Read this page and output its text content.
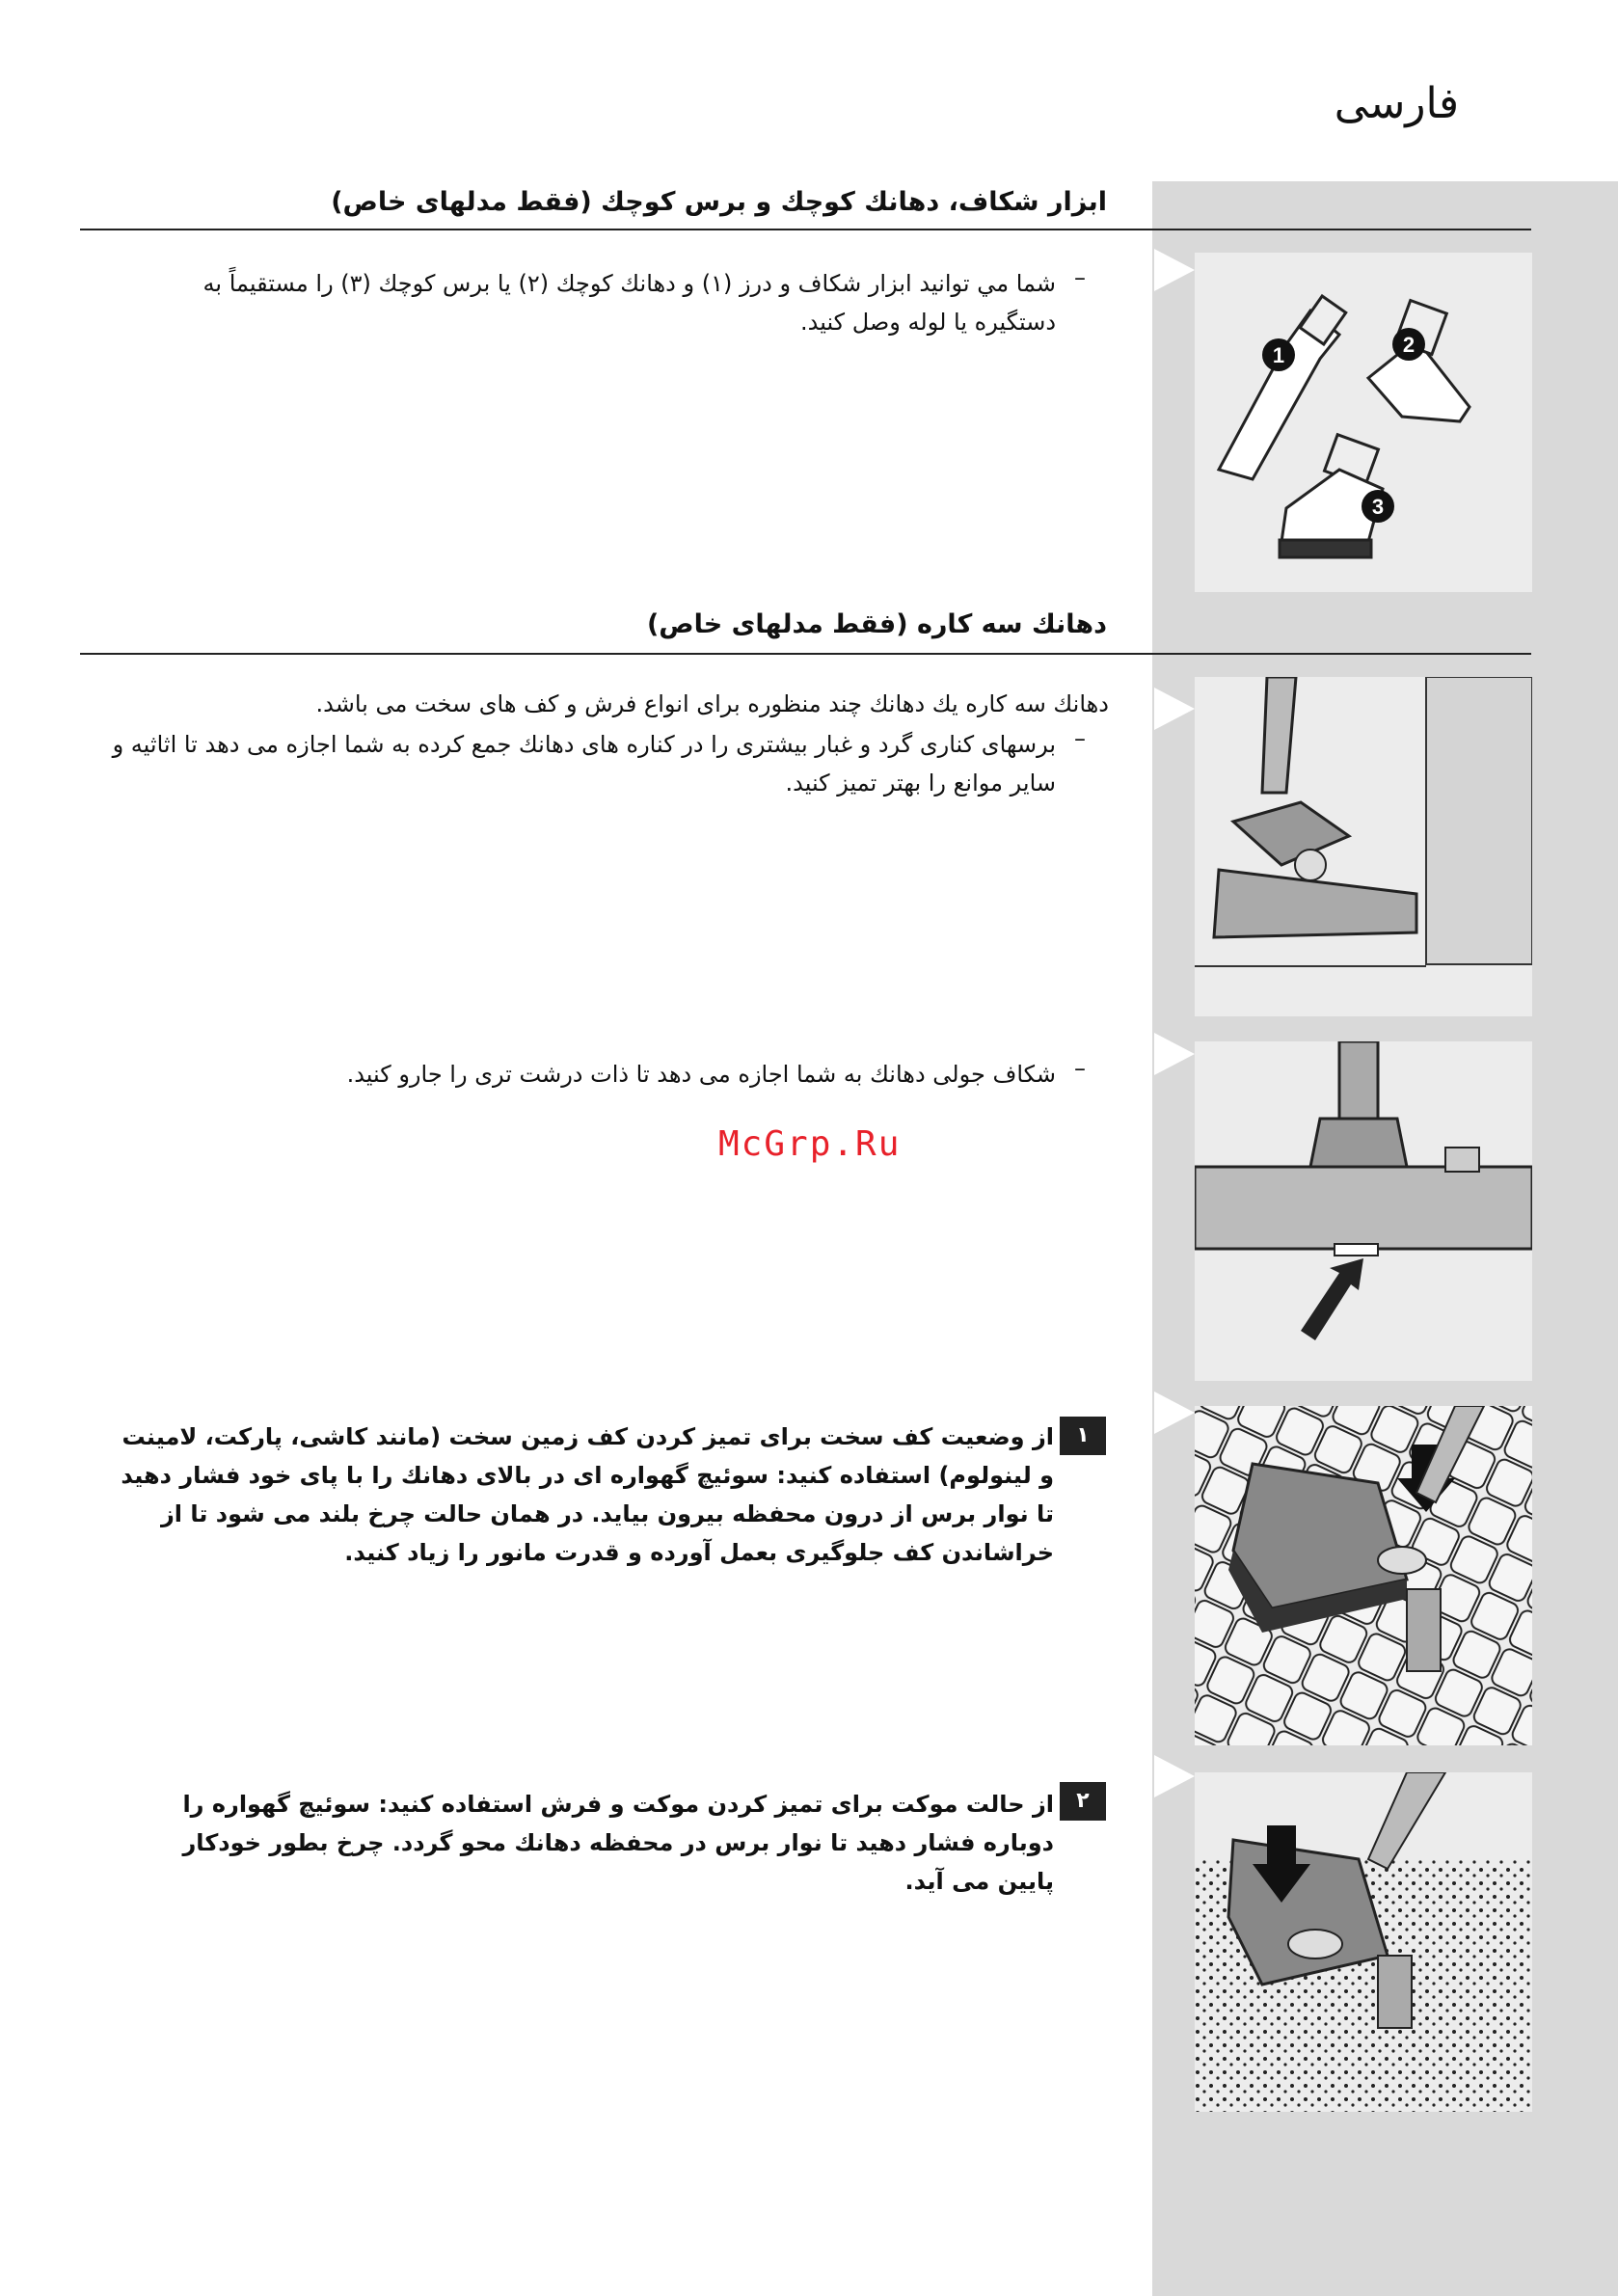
فارسی
ابزار شکاف، دهانك كوچك و برس کوچك (فقط مدلهای خاص)
–
شما مي توانيد ابزار شکاف و درز (١) و دهانك كوچك (٢) يا برس كوچك (٣) را مستقيماً به دستگيره يا لوله وصل كنيد.
1	2
3
دهانك سه كاره (فقط مدلهای خاص)
دهانك سه كاره يك دهانك چند منظوره براى انواع فرش و كف هاى سخت مى باشد.
–
برسهای كناری گرد و غبار بيشتری را در كناره های دهانك جمع كرده به شما اجازه می دهد تا اثاثيه و ساير موانع را بهتر تميز كنيد.
–
شکاف جولی دهانك به شما اجازه مى دهد تا ذات درشت ترى را جارو كنيد.
McGrp.Ru
١
از وضعيت كف سخت براى تميز كردن كف زمين سخت (مانند كاشى، پاركت، لامينت و لينولوم) استفاده كنيد: سوئيچ گهواره اى در بالاى دهانك را با پاى خود فشار دهيد تا نوار برس از درون محفظه بيرون بيايد. در همان حالت چرخ بلند مى شود تا از خراشاندن كف جلوگيرى بعمل آورده و قدرت مانور را زياد كنيد.
٢
از حالت موكت براى تميز كردن موكت و فرش استفاده كنيد: سوئيچ گهواره را دوباره فشار دهيد تا نوار برس در محفظه دهانك محو گردد. چرخ بطور خودكار پايين مى آيد.
